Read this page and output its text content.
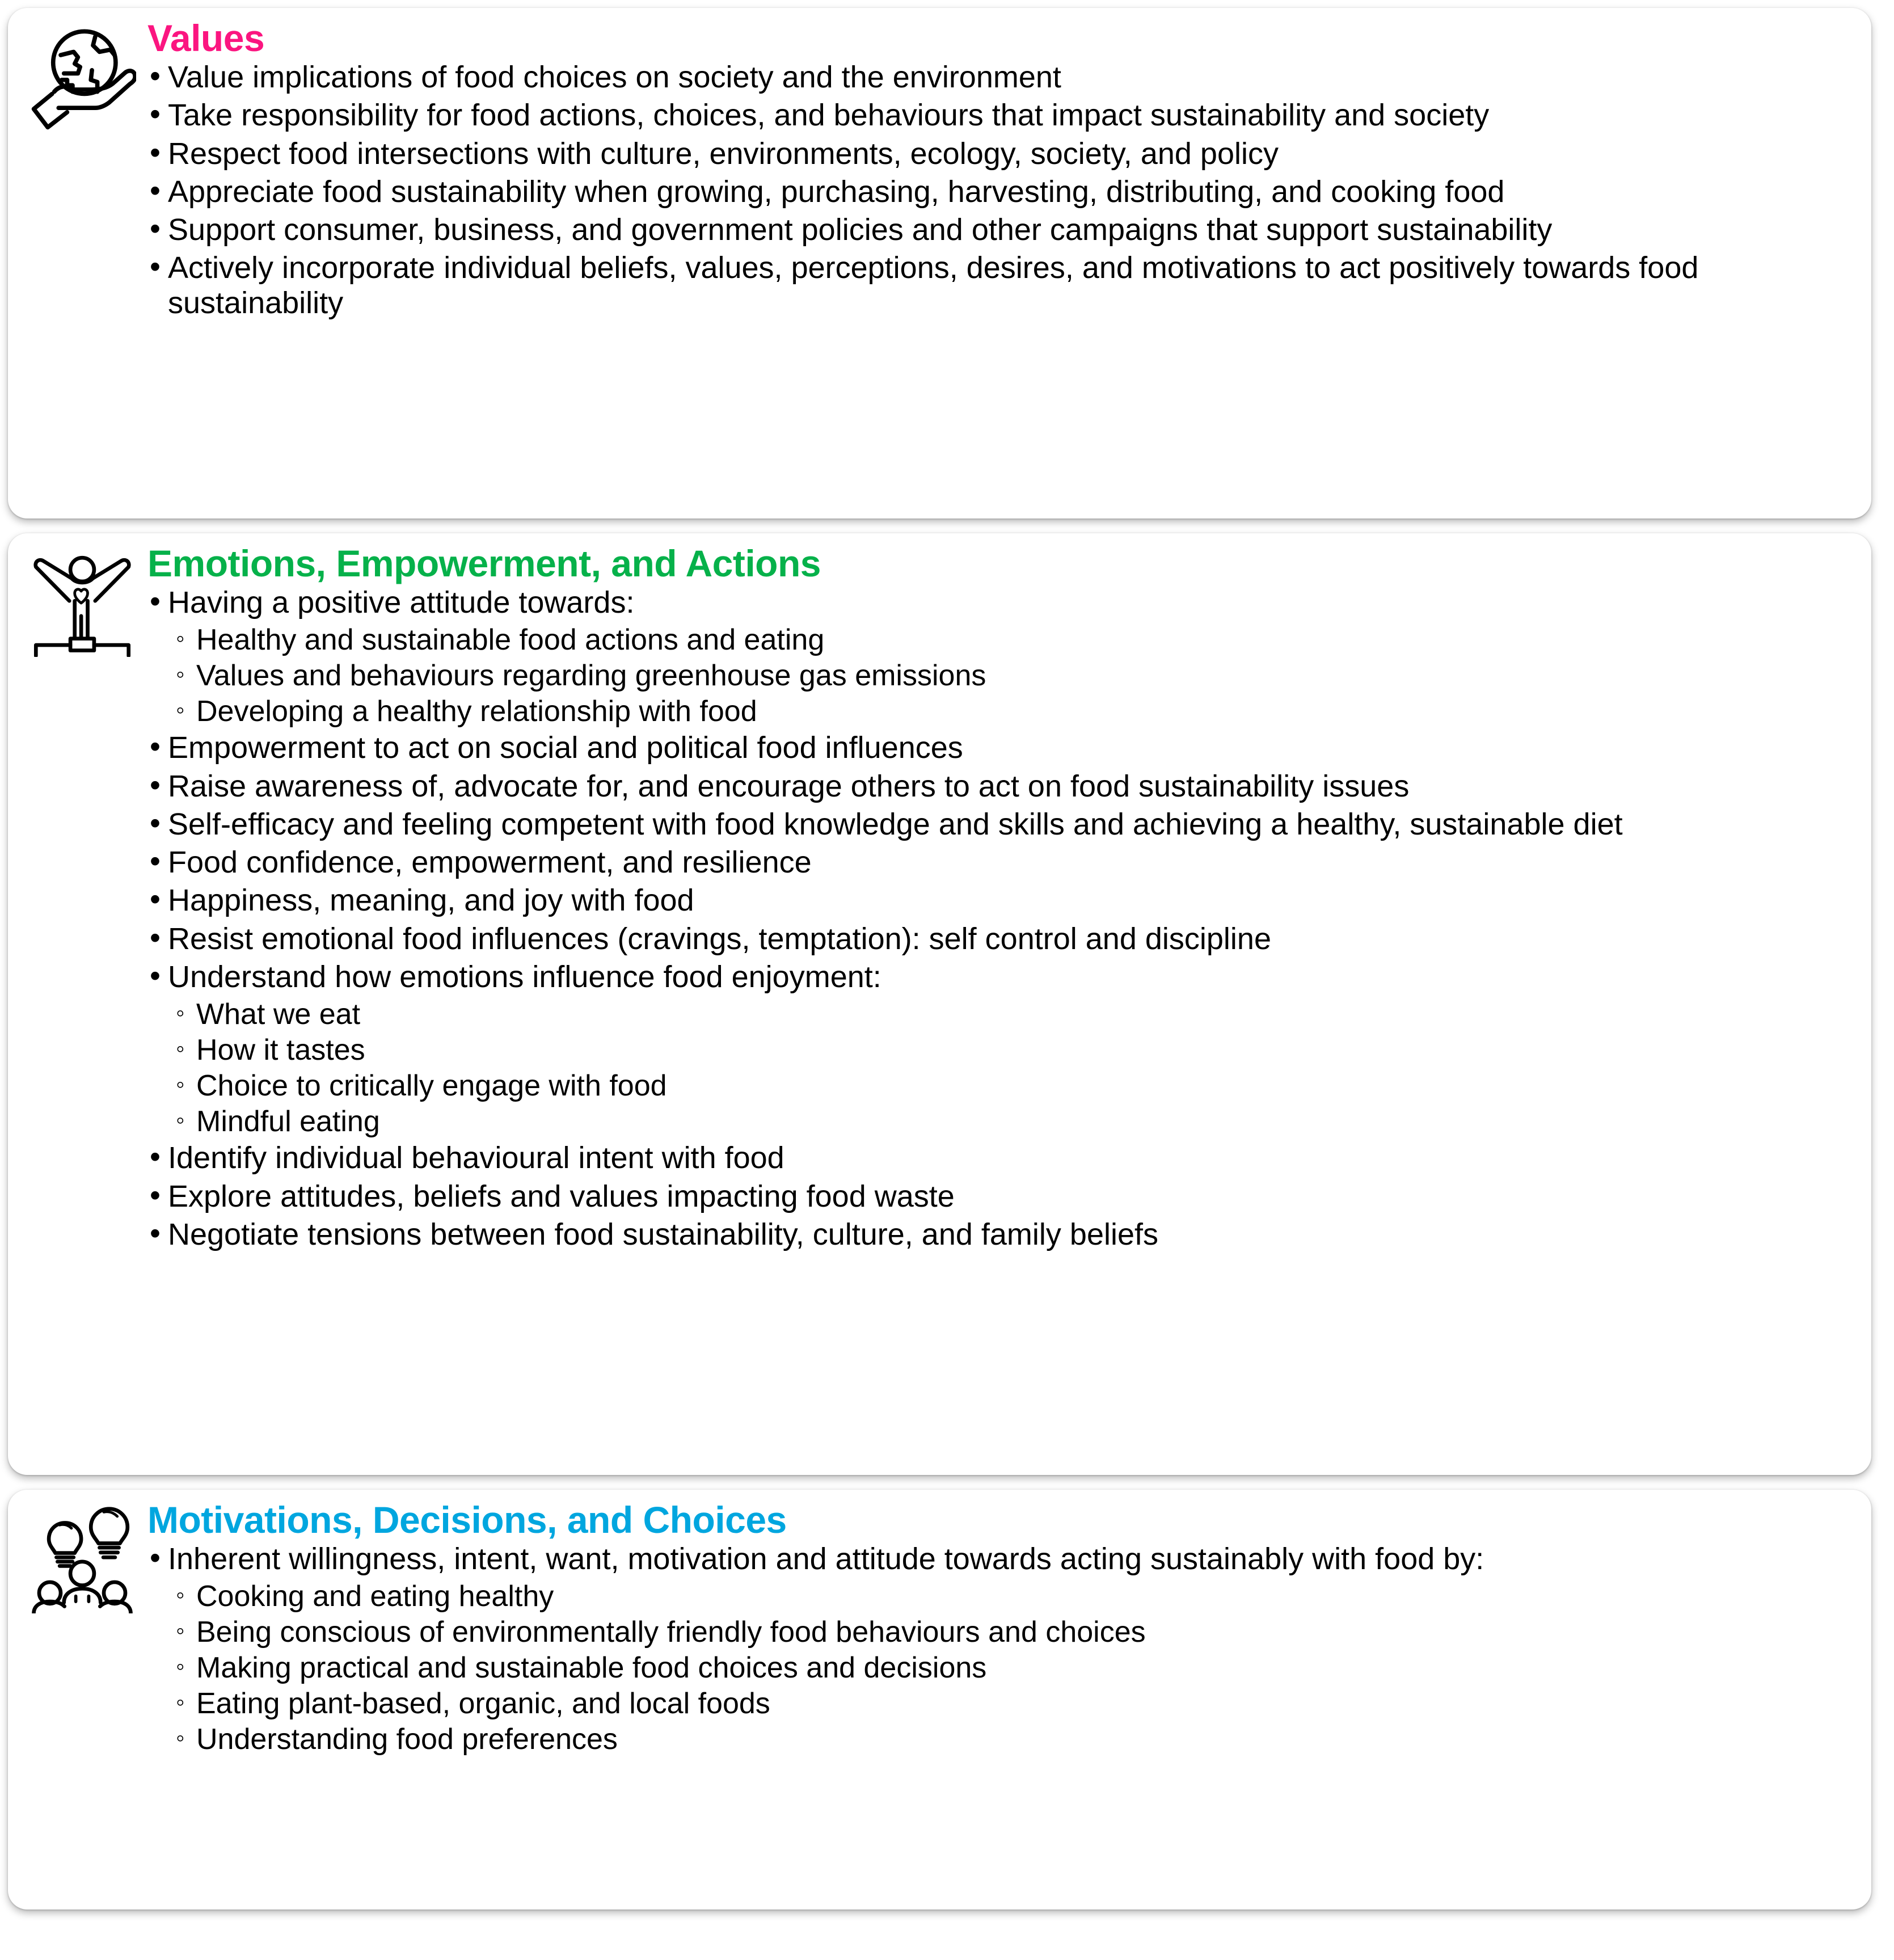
Values
• Value implications of food choices on society and the environment
• Take responsibility for food actions, choices, and behaviours that impact sustainability and society
• Respect food intersections with culture, environments, ecology, society, and policy
• Appreciate food sustainability when growing, purchasing, harvesting, distributing, and cooking food
• Support consumer, business, and government policies and other campaigns that support sustainability
• Actively incorporate individual beliefs, values, perceptions, desires, and motivations to act positively towards food sustainability
Emotions, Empowerment, and Actions
• Having a positive attitude towards:
◦ Healthy and sustainable food actions and eating
◦ Values and behaviours regarding greenhouse gas emissions
◦ Developing a healthy relationship with food
• Empowerment to act on social and political food influences
• Raise awareness of, advocate for, and encourage others to act on food sustainability issues
• Self-efficacy and feeling competent with food knowledge and skills and achieving a healthy, sustainable diet
• Food confidence, empowerment, and resilience
• Happiness, meaning, and joy with food
• Resist emotional food influences (cravings, temptation): self control and discipline
• Understand how emotions influence food enjoyment:
◦ What we eat
◦ How it tastes
◦ Choice to critically engage with food
◦ Mindful eating
• Identify individual behavioural intent with food
• Explore attitudes, beliefs and values impacting food waste
• Negotiate tensions between food sustainability, culture, and family beliefs
Motivations, Decisions, and Choices
• Inherent willingness, intent, want, motivation and attitude towards acting sustainably with food by:
◦ Cooking and eating healthy
◦ Being conscious of environmentally friendly food behaviours and choices
◦ Making practical and sustainable food choices and decisions
◦ Eating plant-based, organic, and local foods
◦ Understanding food preferences
